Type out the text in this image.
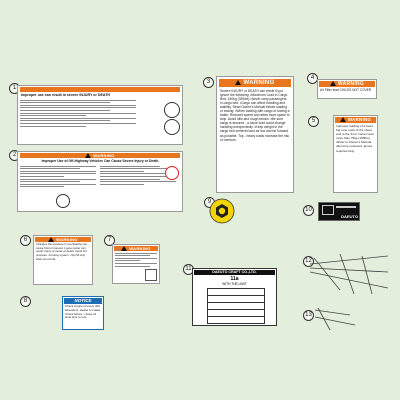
1
2
3
4
5
6	7
8
9
10
11
12
13
Improper use can result in severe INJURY or DEATH
WARNING
Improper Use of Off-Highway Vehicles Can Cause Severe Injury or Death
WARNING
Severe INJURY or DEATH can result if you ignore the following: •Maximum Load in Cargo Bed: 150kg (330lbs) •Never carry passengers in cargo bed. •Cargo can affect handling and stability. Read Owner's Manual before loading or towing. •When loading with cargo or towing a trailer. Reduced speed and allow more space to stop. Avoid hills and rough terrain. •Be sure cargo is secured - a loose load could change handling unexpectedly. •Keep weight in the cargo bed centered and as low and far forward as possible. Top - heavy loads increase the risk of overturn.
WARNING
Air Filter lead CHILDS NOT COVER
WARNING
Improper loading of a hood bar over ends of the sheet and to the front. Never load more than 75kg (165lbs). •Refer to Owner's Manual. •Remove enclosed. Ignore required long.
WARNING
Changes the pressure in overheating can cause hold of opened. Loose cooler can result. Injury or cause of death. Avoid hot pressure. •Cooling system. •Top fill only when at normal.
WARNING
NOTICE
Check engine oil every 300 kilometers. Heater to intake. Check before. • Keep oil level prior to use.
DAEUTO
DAEUTO CRAFT CO.,LTD.
11a
WITH THE LIMIT
